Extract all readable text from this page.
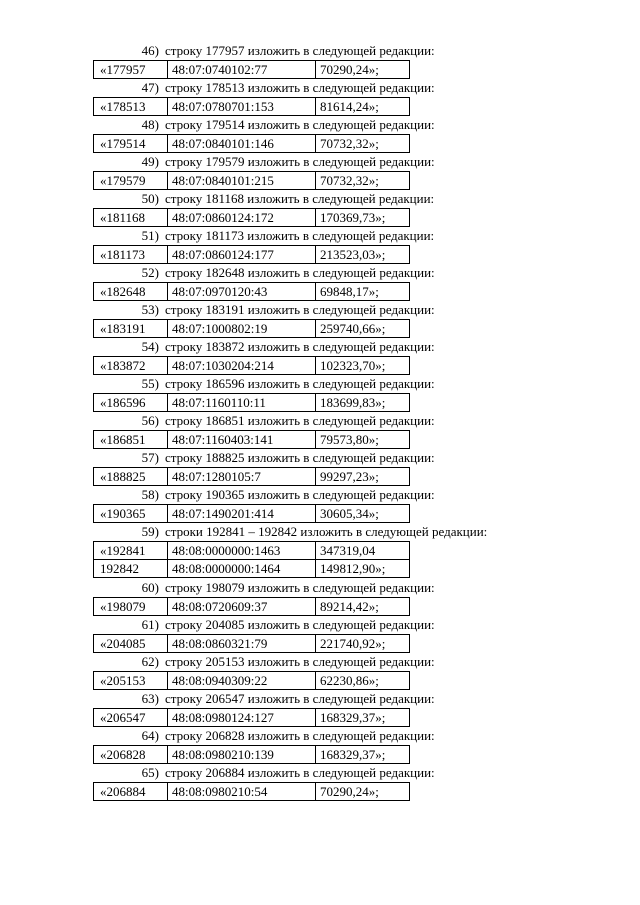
46) строку 177957 изложить в следующей редакции:
«177957	48:07:0740102:77	70290,24»;
47) строку 178513 изложить в следующей редакции:
«178513	48:07:0780701:153	81614,24»;
48) строку 179514 изложить в следующей редакции:
«179514	48:07:0840101:146	70732,32»;
49) строку 179579 изложить в следующей редакции:
«179579	48:07:0840101:215	70732,32»;
50) строку 181168 изложить в следующей редакции:
«181168	48:07:0860124:172	170369,73»;
51) строку 181173 изложить в следующей редакции:
«181173	48:07:0860124:177	213523,03»;
52) строку 182648 изложить в следующей редакции:
«182648	48:07:0970120:43	69848,17»;
53) строку 183191 изложить в следующей редакции:
«183191	48:07:1000802:19	259740,66»;
54) строку 183872 изложить в следующей редакции:
«183872	48:07:1030204:214	102323,70»;
55) строку 186596 изложить в следующей редакции:
«186596	48:07:1160110:11	183699,83»;
56) строку 186851 изложить в следующей редакции:
«186851	48:07:1160403:141	79573,80»;
57) строку 188825 изложить в следующей редакции:
«188825	48:07:1280105:7	99297,23»;
58) строку 190365 изложить в следующей редакции:
«190365	48:07:1490201:414	30605,34»;
59) строки 192841 – 192842 изложить в следующей редакции:
«192841	48:08:0000000:1463	347319,04
192842	48:08:0000000:1464	149812,90»;
60) строку 198079 изложить в следующей редакции:
«198079	48:08:0720609:37	89214,42»;
61) строку 204085 изложить в следующей редакции:
«204085	48:08:0860321:79	221740,92»;
62) строку 205153 изложить в следующей редакции:
«205153	48:08:0940309:22	62230,86»;
63) строку 206547 изложить в следующей редакции:
«206547	48:08:0980124:127	168329,37»;
64) строку 206828 изложить в следующей редакции:
«206828	48:08:0980210:139	168329,37»;
65) строку 206884 изложить в следующей редакции:
«206884	48:08:0980210:54	70290,24»;
